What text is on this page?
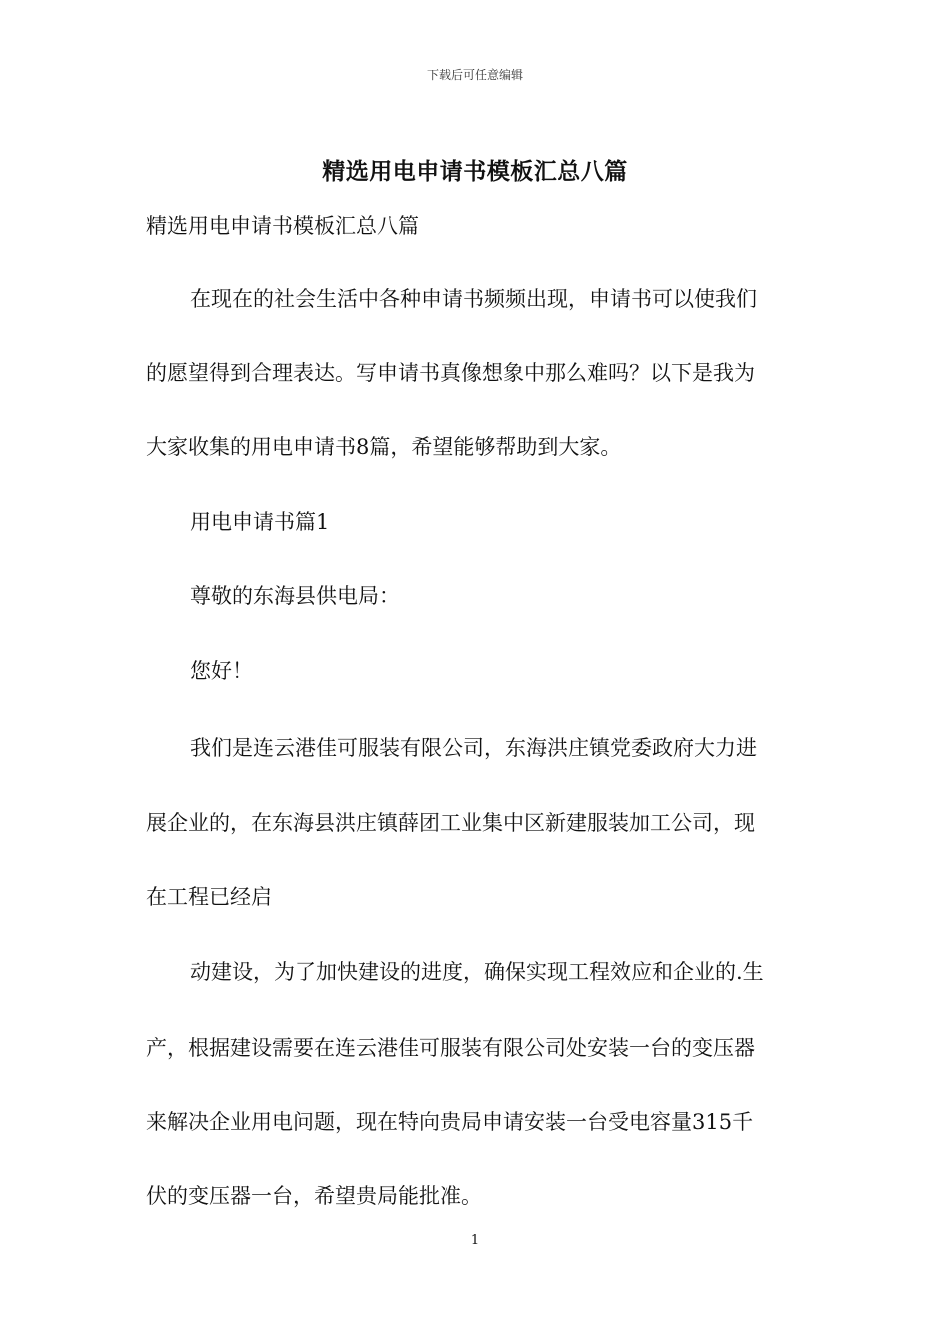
下载后可任意编辑
精选用电申请书模板汇总八篇
精选用电申请书模板汇总八篇
在现在的社会生活中各种申请书频频出现，申请书可以使我们
的愿望得到合理表达。写申请书真像想象中那么难吗？以下是我为
大家收集的用电申请书8篇，希望能够帮助到大家。
用电申请书篇1
尊敬的东海县供电局：
您好！
我们是连云港佳可服装有限公司，东海洪庄镇党委政府大力进
展企业的，在东海县洪庄镇薛团工业集中区新建服装加工公司，现
在工程已经启
动建设，为了加快建设的进度，确保实现工程效应和企业的.生
产，根据建设需要在连云港佳可服装有限公司处安装一台的变压器
来解决企业用电问题，现在特向贵局申请安装一台受电容量315千
伏的变压器一台，希望贵局能批准。
1
